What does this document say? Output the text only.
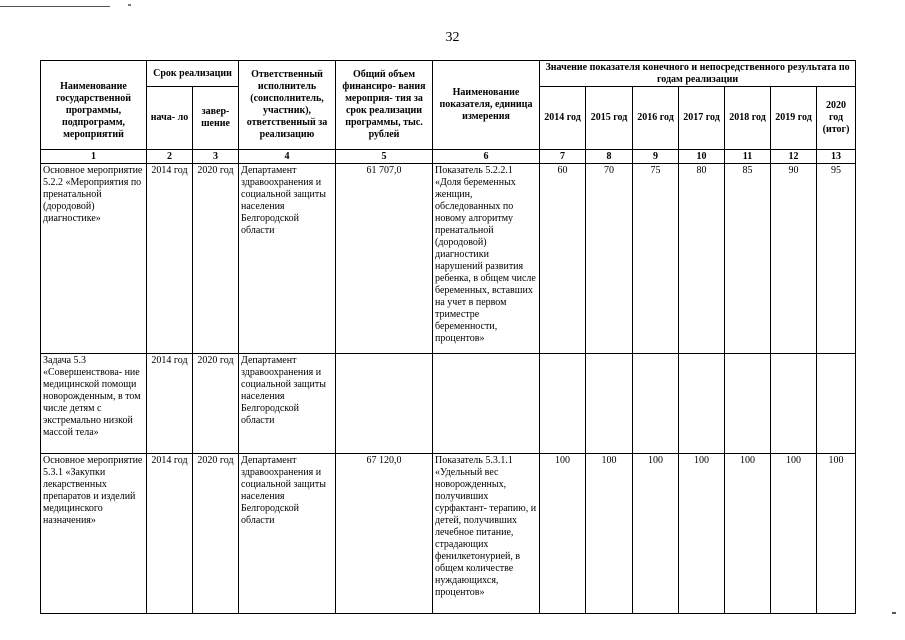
32
Наименование государственной программы, подпрограмм, мероприятий	Срок реализации		Ответственный исполнитель (соисполнитель, участник), ответственный за реализацию	Общий объем финансиро- вания мероприя- тия за срок реализации программы, тыс. рублей	Наименование показателя, единица измерения	Значение показателя конечного и непосредственного результата по годам реализации						
	нача- ло	завер- шение				2014 год	2015 год	2016 год	2017 год	2018 год	2019 год	2020 год (итог)
1	2	3	4	5	6	7	8	9	10	11	12	13
Основное мероприятие 5.2.2 «Мероприятия по пренатальной (дородовой) диагностике»	2014 год	2020 год	Департамент здравоохранения и социальной защиты населения Белгородской области	61 707,0	Показатель 5.2.2.1 «Доля беременных женщин, обследованных по новому алгоритму пренатальной (дородовой) диагностики нарушений развития ребенка, в общем числе беременных, вставших на учет в первом триместре беременности, процентов»	60	70	75	80	85	90	95
Задача 5.3 «Совершенствова- ние медицинской помощи новорожденным, в том числе детям с экстремально низкой массой тела»	2014 год	2020 год	Департамент здравоохранения и социальной защиты населения Белгородской области									
Основное мероприятие 5.3.1 «Закупки лекарственных препаратов и изделий медицинского назначения»	2014 год	2020 год	Департамент здравоохранения и социальной защиты населения Белгородской области	67 120,0	Показатель 5.3.1.1 «Удельный вес новорожденных, получивших сурфактант- терапию, и детей, получивших лечебное питание, страдающих фенилкетонурией, в общем количестве нуждающихся, процентов»	100	100	100	100	100	100	100
